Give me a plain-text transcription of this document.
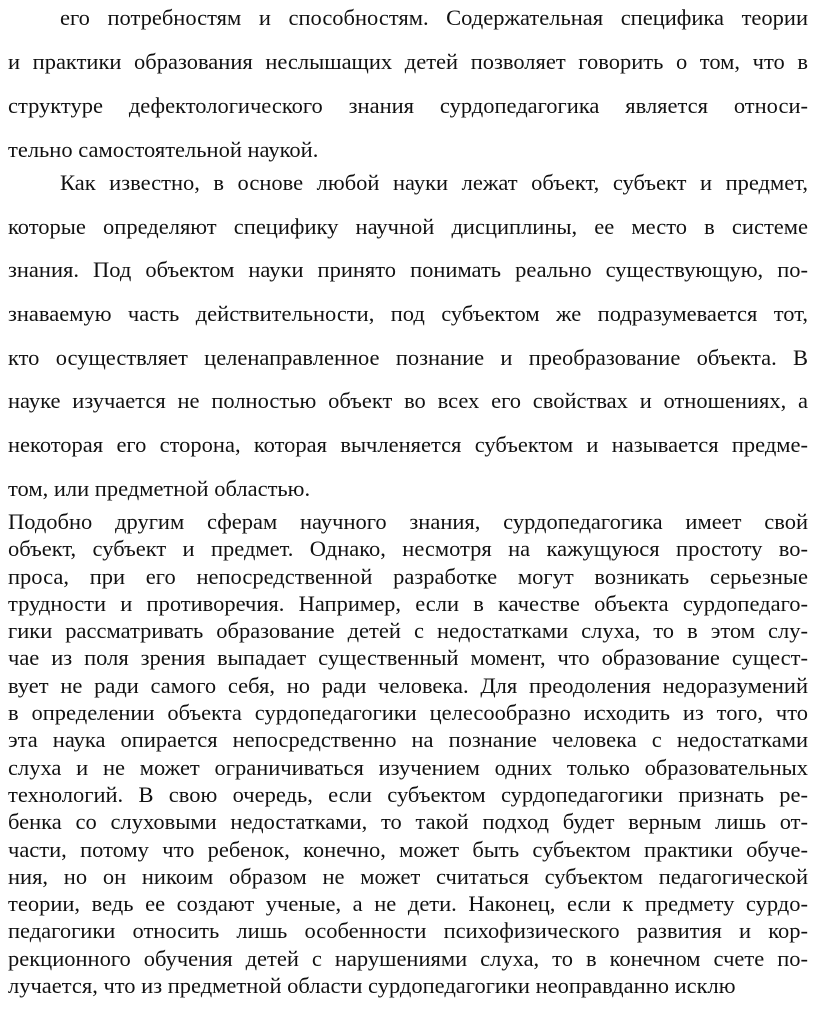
его потребностям и способностям. Содержательная специфика теории
и практики образования неслышащих детей позволяет говорить о том, что в
структуре дефектологического знания сурдопедагогика является относи-
тельно самостоятельной наукой.
Как известно, в основе любой науки лежат объект, субъект и предмет,
которые определяют специфику научной дисциплины, ее место в системе
знания. Под объектом науки принято понимать реально существующую, по-
знаваемую часть действительности, под субъектом же подразумевается тот,
кто осуществляет целенаправленное познание и преобразование объекта. В
науке изучается не полностью объект во всех его свойствах и отношениях, а
некоторая его сторона, которая вычленяется субъектом и называется предме-
том, или предметной областью.
Подобно другим сферам научного знания, сурдопедагогика имеет свой
объект, субъект и предмет. Однако, несмотря на кажущуюся простоту во-
проса, при его непосредственной разработке могут возникать серьезные
трудности и противоречия. Например, если в качестве объекта сурдопедаго-
гики рассматривать образование детей с недостатками слуха, то в этом слу-
чае из поля зрения выпадает существенный момент, что образование сущест-
вует не ради самого себя, но ради человека. Для преодоления недоразумений
в определении объекта сурдопедагогики целесообразно исходить из того, что
эта наука опирается непосредственно на познание человека с недостатками
слуха и не может ограничиваться изучением одних только образовательных
технологий. В свою очередь, если субъектом сурдопедагогики признать ре-
бенка со слуховыми недостатками, то такой подход будет верным лишь от-
части, потому что ребенок, конечно, может быть субъектом практики обуче-
ния, но он никоим образом не может считаться субъектом педагогической
теории, ведь ее создают ученые, а не дети. Наконец, если к предмету сурдо-
педагогики относить лишь особенности психофизического развития и кор-
рекционного обучения детей с нарушениями слуха, то в конечном счете по-
лучается, что из предметной области сурдопедагогики неоправданно исклю
